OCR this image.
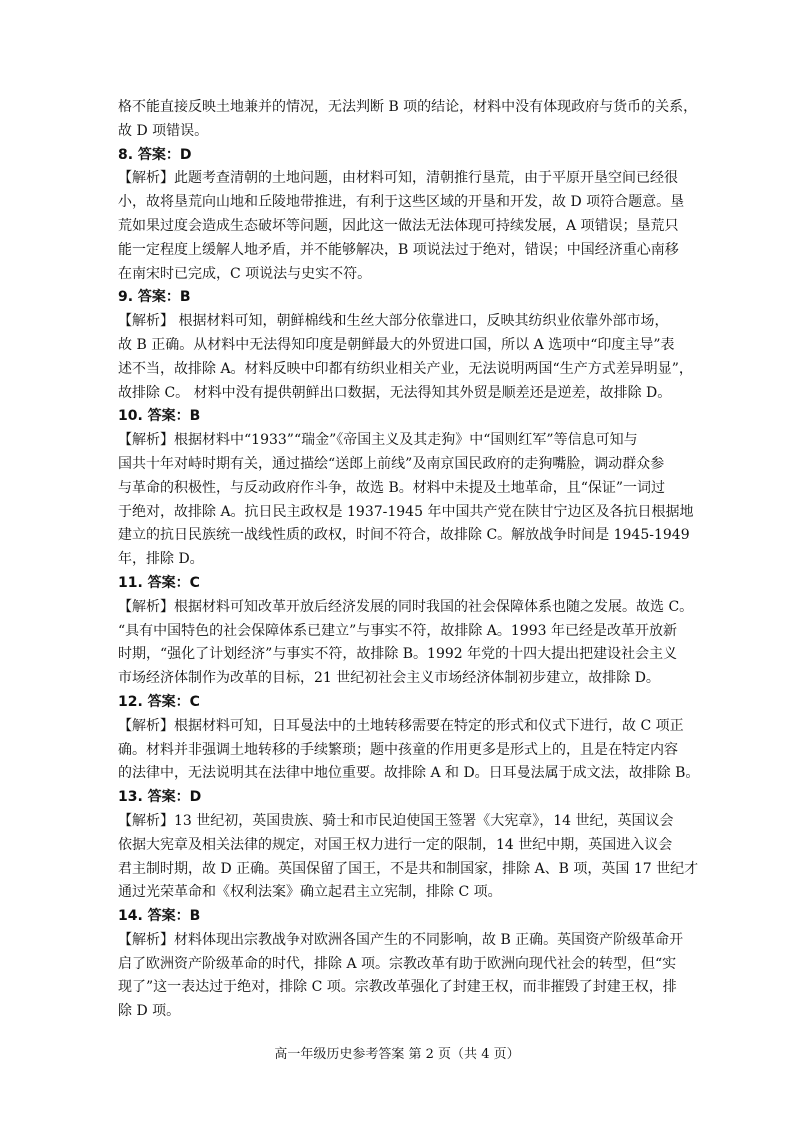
格不能直接反映土地兼并的情况，无法判断 B 项的结论，材料中没有体现政府与货币的关系，

故 D 项错误。

8. 答案：D

【解析】此题考查清朝的土地问题，由材料可知，清朝推行垦荒，由于平原开垦空间已经很

小，故将垦荒向山地和丘陵地带推进，有利于这些区域的开垦和开发，故 D 项符合题意。垦

荒如果过度会造成生态破坏等问题，因此这一做法无法体现可持续发展，A 项错误；垦荒只

能一定程度上缓解人地矛盾，并不能够解决，B 项说法过于绝对，错误；中国经济重心南移

在南宋时已完成，C 项说法与史实不符。

9. 答案：B

【解析】 根据材料可知，朝鲜棉线和生丝大部分依靠进口，反映其纺织业依靠外部市场，

故 B 正确。从材料中无法得知印度是朝鲜最大的外贸进口国，所以 A 选项中“印度主导”表

述不当，故排除 A。材料反映中印都有纺织业相关产业，无法说明两国“生产方式差异明显”，

故排除 C。 材料中没有提供朝鲜出口数据，无法得知其外贸是顺差还是逆差，故排除 D。

10. 答案：B

【解析】根据材料中“1933”“瑞金”《帝国主义及其走狗》中“国则红军”等信息可知与

国共十年对峙时期有关，通过描绘“送郎上前线”及南京国民政府的走狗嘴脸，调动群众参

与革命的积极性，与反动政府作斗争，故选 B。材料中未提及土地革命，且“保证”一词过

于绝对，故排除 A。抗日民主政权是 1937-1945 年中国共产党在陕甘宁边区及各抗日根据地

建立的抗日民族统一战线性质的政权，时间不符合，故排除 C。解放战争时间是 1945-1949

年，排除 D。

11. 答案：C

【解析】根据材料可知改革开放后经济发展的同时我国的社会保障体系也随之发展。故选 C。

“具有中国特色的社会保障体系已建立”与事实不符，故排除 A。1993 年已经是改革开放新

时期，“强化了计划经济”与事实不符，故排除 B。1992 年党的十四大提出把建设社会主义

市场经济体制作为改革的目标，21 世纪初社会主义市场经济体制初步建立，故排除 D。

12. 答案：C

【解析】根据材料可知，日耳曼法中的土地转移需要在特定的形式和仪式下进行，故 C 项正

确。材料并非强调土地转移的手续繁琐；题中孩童的作用更多是形式上的，且是在特定内容

的法律中，无法说明其在法律中地位重要。故排除 A 和 D。日耳曼法属于成文法，故排除 B。

13. 答案：D

【解析】13 世纪初，英国贵族、骑士和市民迫使国王签署《大宪章》，14 世纪，英国议会

依据大宪章及相关法律的规定，对国王权力进行一定的限制，14 世纪中期，英国进入议会

君主制时期，故 D 正确。英国保留了国王，不是共和制国家，排除 A、B 项，英国 17 世纪才

通过光荣革命和《权利法案》确立起君主立宪制，排除 C 项。

14. 答案：B

【解析】材料体现出宗教战争对欧洲各国产生的不同影响，故 B 正确。英国资产阶级革命开

启了欧洲资产阶级革命的时代，排除 A 项。宗教改革有助于欧洲向现代社会的转型，但“实

现了”这一表达过于绝对，排除 C 项。宗教改革强化了封建王权，而非摧毁了封建王权，排

除 D 项。

高一年级历史参考答案 第 2 页（共 4 页）
